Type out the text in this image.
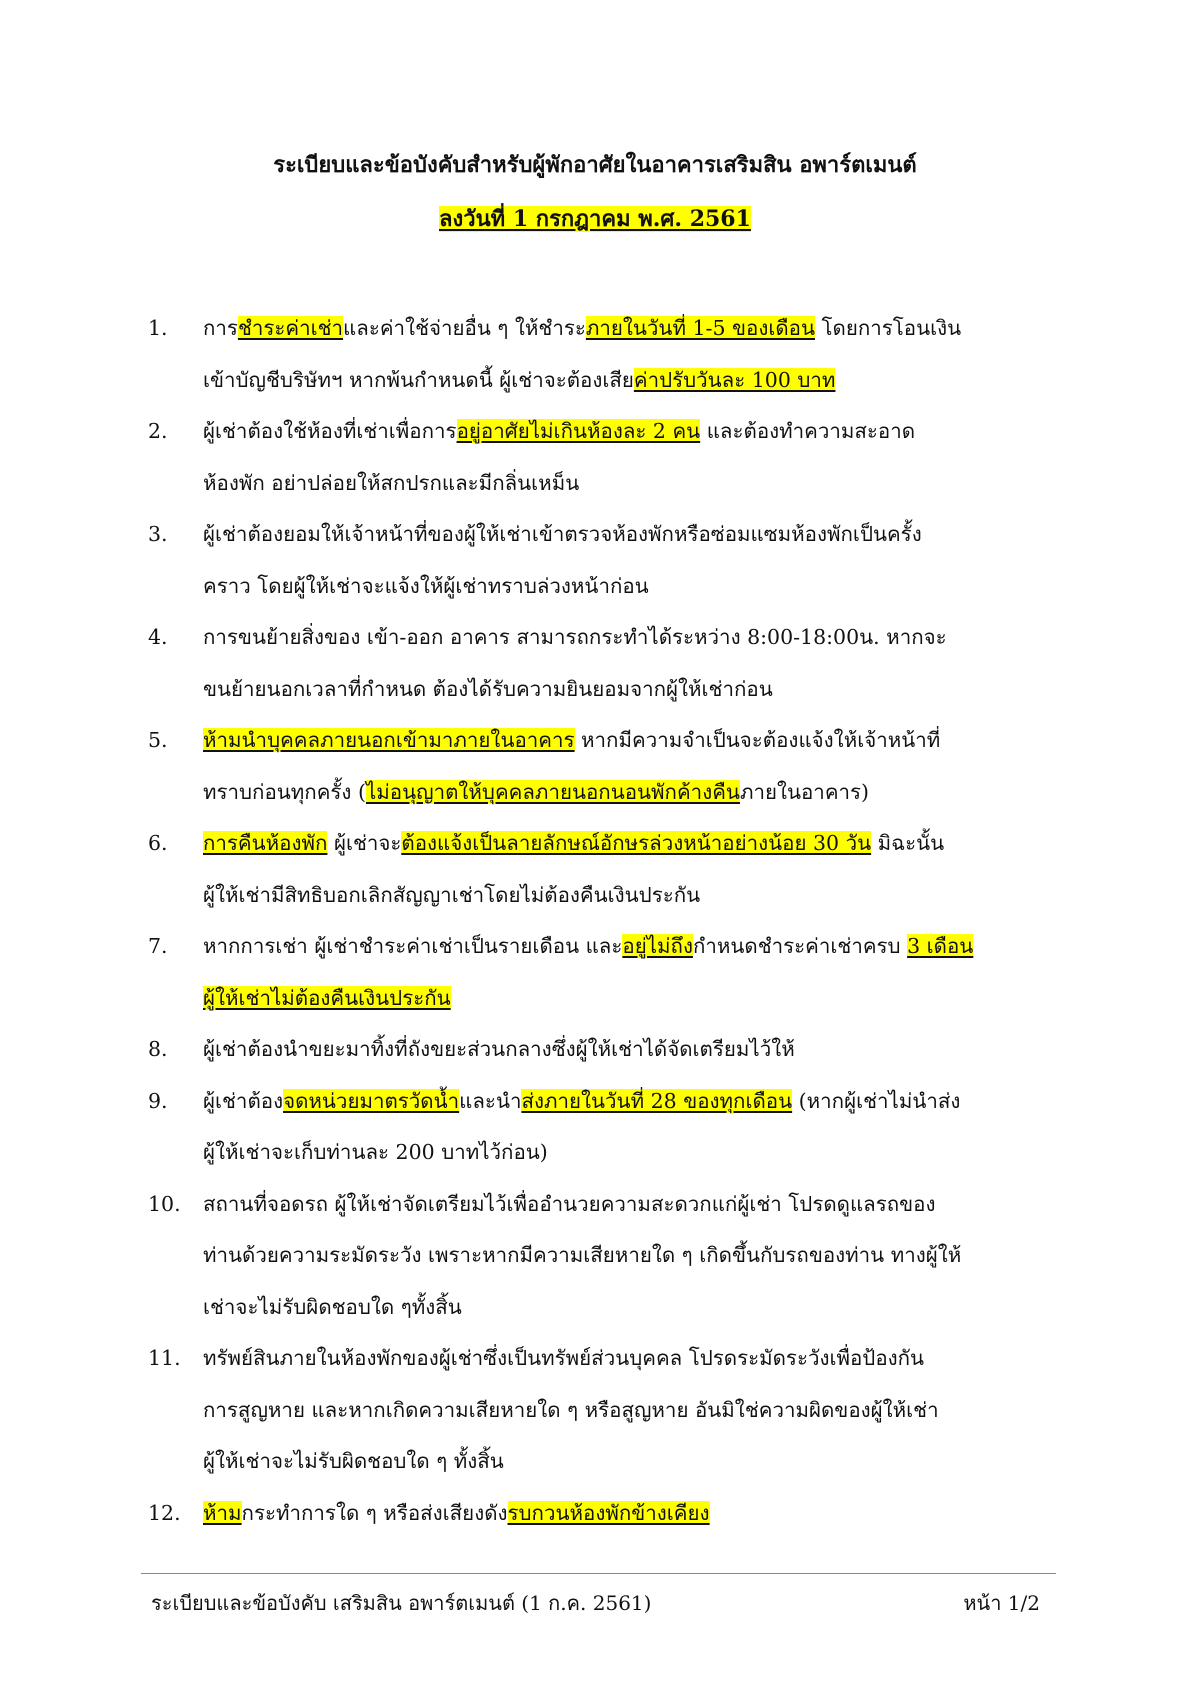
ระเบียบและข้อบังคับสำหรับผู้พักอาศัยในอาคารเสริมสิน อพาร์ตเมนต์
ลงวันที่ 1 กรกฎาคม พ.ศ. 2561
1.	การชำระค่าเช่าและค่าใช้จ่ายอื่น ๆ ให้ชำระภายในวันที่ 1-5 ของเดือน โดยการโอนเงิน
เข้าบัญชีบริษัทฯ หากพ้นกำหนดนี้ ผู้เช่าจะต้องเสียค่าปรับวันละ 100 บาท
2.	ผู้เช่าต้องใช้ห้องที่เช่าเพื่อการอยู่อาศัยไม่เกินห้องละ 2 คน และต้องทำความสะอาด
ห้องพัก อย่าปล่อยให้สกปรกและมีกลิ่นเหม็น
3.	ผู้เช่าต้องยอมให้เจ้าหน้าที่ของผู้ให้เช่าเข้าตรวจห้องพักหรือซ่อมแซมห้องพักเป็นครั้ง
คราว โดยผู้ให้เช่าจะแจ้งให้ผู้เช่าทราบล่วงหน้าก่อน
4.	การขนย้ายสิ่งของ เข้า-ออก อาคาร สามารถกระทำได้ระหว่าง 8:00-18:00น. หากจะ
ขนย้ายนอกเวลาที่กำหนด ต้องได้รับความยินยอมจากผู้ให้เช่าก่อน
5.	ห้ามนำบุคคลภายนอกเข้ามาภายในอาคาร หากมีความจำเป็นจะต้องแจ้งให้เจ้าหน้าที่
ทราบก่อนทุกครั้ง (ไม่อนุญาตให้บุคคลภายนอกนอนพักค้างคืนภายในอาคาร)
6.	การคืนห้องพัก ผู้เช่าจะต้องแจ้งเป็นลายลักษณ์อักษรล่วงหน้าอย่างน้อย 30 วัน มิฉะนั้น
ผู้ให้เช่ามีสิทธิบอกเลิกสัญญาเช่าโดยไม่ต้องคืนเงินประกัน
7.	หากการเช่า ผู้เช่าชำระค่าเช่าเป็นรายเดือน และอยู่ไม่ถึงกำหนดชำระค่าเช่าครบ 3 เดือน
ผู้ให้เช่าไม่ต้องคืนเงินประกัน
8.	ผู้เช่าต้องนำขยะมาทิ้งที่ถังขยะส่วนกลางซึ่งผู้ให้เช่าได้จัดเตรียมไว้ให้
9.	ผู้เช่าต้องจดหน่วยมาตรวัดน้ำและนำส่งภายในวันที่ 28 ของทุกเดือน (หากผู้เช่าไม่นำส่ง
ผู้ให้เช่าจะเก็บท่านละ 200 บาทไว้ก่อน)
10.	สถานที่จอดรถ ผู้ให้เช่าจัดเตรียมไว้เพื่ออำนวยความสะดวกแก่ผู้เช่า โปรดดูแลรถของ
ท่านด้วยความระมัดระวัง เพราะหากมีความเสียหายใด ๆ เกิดขึ้นกับรถของท่าน ทางผู้ให้
เช่าจะไม่รับผิดชอบใด ๆทั้งสิ้น
11.	ทรัพย์สินภายในห้องพักของผู้เช่าซึ่งเป็นทรัพย์ส่วนบุคคล โปรดระมัดระวังเพื่อป้องกัน
การสูญหาย และหากเกิดความเสียหายใด ๆ หรือสูญหาย อันมิใช่ความผิดของผู้ให้เช่า
ผู้ให้เช่าจะไม่รับผิดชอบใด ๆ ทั้งสิ้น
12.	ห้ามกระทำการใด ๆ หรือส่งเสียงดังรบกวนห้องพักข้างเคียง
ระเบียบและข้อบังคับ เสริมสิน อพาร์ตเมนต์ (1 ก.ค. 2561)	หน้า 1/2
